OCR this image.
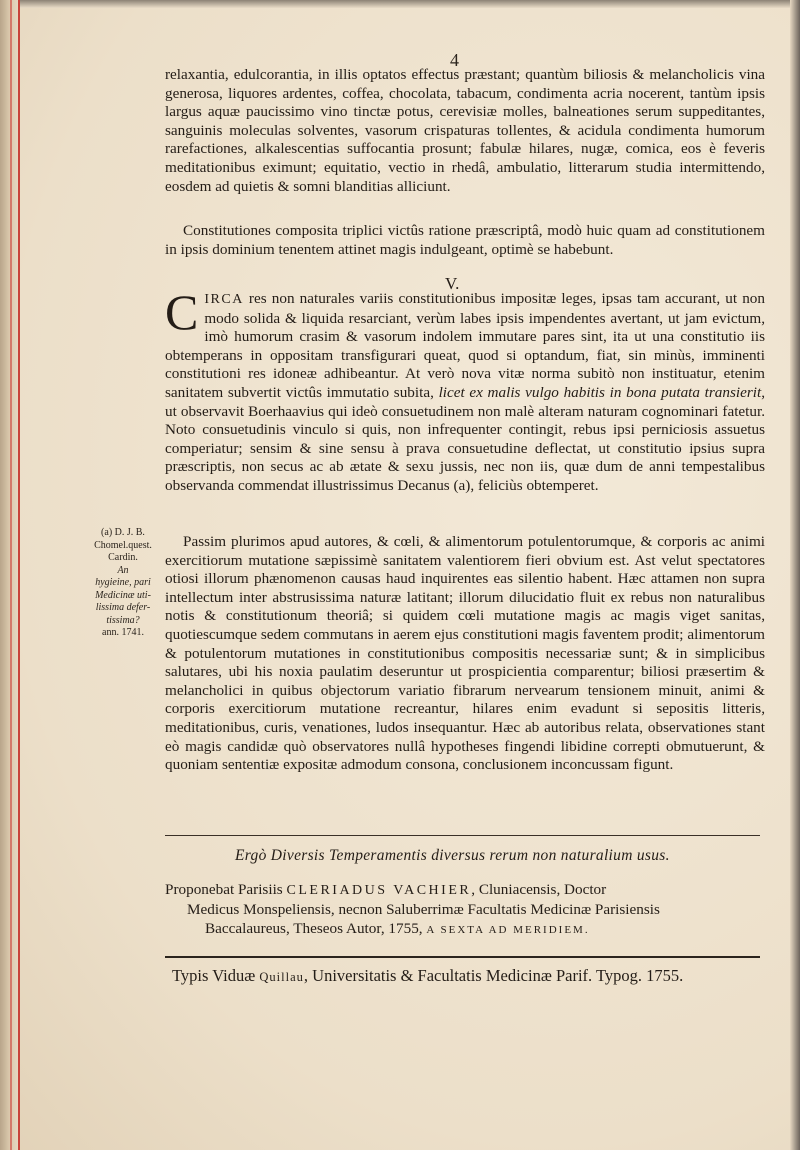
4

relaxantia, edulcorantia, in illis optatos effectus præstant; quantùm biliosis & melancholicis vina generosa, liquores ardentes, coffea, chocolata, tabacum, condimenta acria nocerent, tantùm ipsis largus aquæ paucissimo vino tinctæ potus, cerevisiæ molles, balneationes serum suppeditantes, sanguinis moleculas solventes, vasorum crispaturas tollentes, & acidula condimenta humorum rarefactiones, alkalescentias suffocantia prosunt; fabulæ hilares, nugæ, comica, eos è feveris meditationibus eximunt; equitatio, vectio in rhedâ, ambulatio, litterarum studia intermittendo, eosdem ad quietis & somni blanditias alliciunt.

Constitutiones composita triplici victûs ratione præscriptâ, modò huic quam ad constitutionem in ipsis dominium tenentem attinet magis indulgeant, optimè se habebunt.

V.

CIRCA res non naturales variis constitutionibus impositæ leges, ipsas tam accurant, ut non modo solida & liquida resarciant, verùm labes ipsis impendentes avertant, ut jam evictum, imò humorum crasim & vasorum indolem immutare pares sint, ita ut una constitutio iis obtemperans in oppositam transfigurari queat, quod si optandum, fiat, sin minùs, imminenti constitutioni res idoneæ adhibeantur. At verò nova vitæ norma subitò non instituatur, etenim sanitatem subvertit victûs immutatio subita, licet ex malis vulgo habitis in bona putata transierit, ut observavit Boerhaavius qui ideò consuetudinem non malè alteram naturam cognominari fatetur. Noto consuetudinis vinculo si quis, non infrequenter contingit, rebus ipsi perniciosis assuetus comperiatur; sensim & sine sensu à prava consuetudine deflectat, ut constitutio ipsius supra præscriptis, non secus ac ab ætate & sexu jussis, nec non iis, quæ dum de anni tempestalibus observanda commendat illustrissimus Decanus (a), feliciùs obtemperet.

(a) D. J. B.
Chomel.quest.
Cardin.
An
hygieine, pari
Medicinæ uti-
lissima defer-
tissima?
ann. 1741.

Passim plurimos apud autores, & cœli, & alimentorum potulentorumque, & corporis ac animi exercitiorum mutatione sæpissimè sanitatem valentiorem fieri obvium est. Ast velut spectatores otiosi illorum phænomenon causas haud inquirentes eas silentio habent. Hæc attamen non supra intellectum inter abstrusissima naturæ latitant; illorum dilucidatio fluit ex rebus non naturalibus notis & constitutionum theoriâ; si quidem cœli mutatione magis ac magis viget sanitas, quotiescumque sedem commutans in aerem ejus constitutioni magis faventem prodit; alimentorum & potulentorum mutationes in constitutionibus compositis necessariæ sunt; & in simplicibus salutares, ubi his noxia paulatim deseruntur ut prospicientia comparentur; biliosi præsertim & melancholici in quibus objectorum variatio fibrarum nervearum tensionem minuit, animi & corporis exercitiorum mutatione recreantur, hilares enim evadunt si sepositis litteris, meditationibus, curis, venationes, ludos insequantur. Hæc ab autoribus relata, observationes stant eò magis candidæ quò observatores nullâ hypotheses fingendi libidine correpti obmutuerunt, & quoniam sententiæ expositæ admodum consona, conclusionem inconcussam figunt.

Ergò Diversis Temperamentis diversus rerum non naturalium usus.
Proponebat Parisiis CLERIADUS VACHIER, Cluniacensis, Doctor
Medicus Monspeliensis, necnon Saluberrimæ Facultatis Medicinæ Parisiensis
Baccalaureus, Theseos Autor, 1755, A SEXTA AD MERIDIEM.
Typis Viduæ Quillau, Universitatis & Facultatis Medicinæ Parif. Typog. 1755.
